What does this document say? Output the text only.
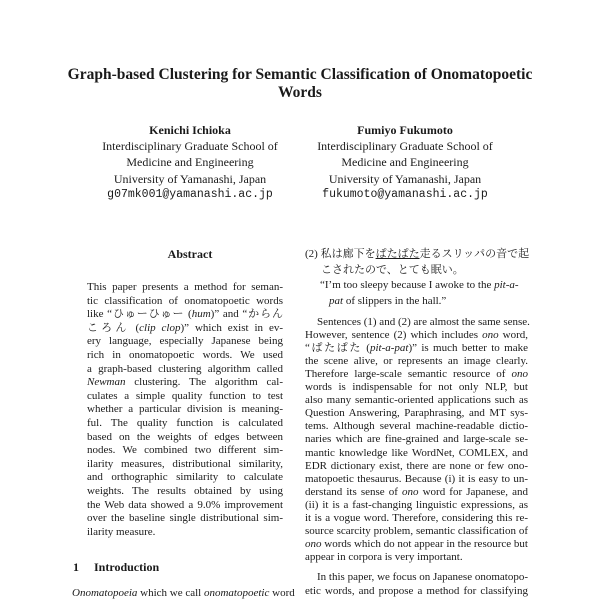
Graph-based Clustering for Semantic Classification of Onomatopoetic
Words
Kenichi Ichioka
Interdisciplinary Graduate School of
Medicine and Engineering
University of Yamanashi, Japan
g07mk001@yamanashi.ac.jp
Fumiyo Fukumoto
Interdisciplinary Graduate School of
Medicine and Engineering
University of Yamanashi, Japan
fukumoto@yamanashi.ac.jp
Abstract
This paper presents a method for seman-
tic classification of onomatopoetic words
like “ひゅーひゅー (hum)” and “からん
ころん (clip clop)” which exist in ev-
ery language, especially Japanese being
rich in onomatopoetic words. We used
a graph-based clustering algorithm called
Newman clustering. The algorithm cal-
culates a simple quality function to test
whether a particular division is meaning-
ful. The quality function is calculated
based on the weights of edges between
nodes. We combined two different sim-
ilarity measures, distributional similarity,
and orthographic similarity to calculate
weights. The results obtained by using
the Web data showed a 9.0% improvement
over the baseline single distributional sim-
ilarity measure.
1 Introduction
Onomatopoeia which we call onomatopoetic word
(2) 私は廊下をぱたぱた走るスリッパの音で起
こされたので、とても眠い。
“I’m too sleepy because I awoke to the pit-a-
pat of slippers in the hall.”
Sentences (1) and (2) are almost the same sense.
However, sentence (2) which includes ono word,
“ぱたぱた (pit-a-pat)” is much better to make
the scene alive, or represents an image clearly.
Therefore large-scale semantic resource of ono
words is indispensable for not only NLP, but
also many semantic-oriented applications such as
Question Answering, Paraphrasing, and MT sys-
tems. Although several machine-readable dictio-
naries which are fine-grained and large-scale se-
mantic knowledge like WordNet, COMLEX, and
EDR dictionary exist, there are none or few ono-
matopoetic thesaurus. Because (i) it is easy to un-
derstand its sense of ono word for Japanese, and
(ii) it is a fast-changing linguistic expressions, as
it is a vogue word. Therefore, considering this re-
source scarcity problem, semantic classification of
ono words which do not appear in the resource but
appear in corpora is very important.
In this paper, we focus on Japanese onomatopo-
etic words, and propose a method for classifying
